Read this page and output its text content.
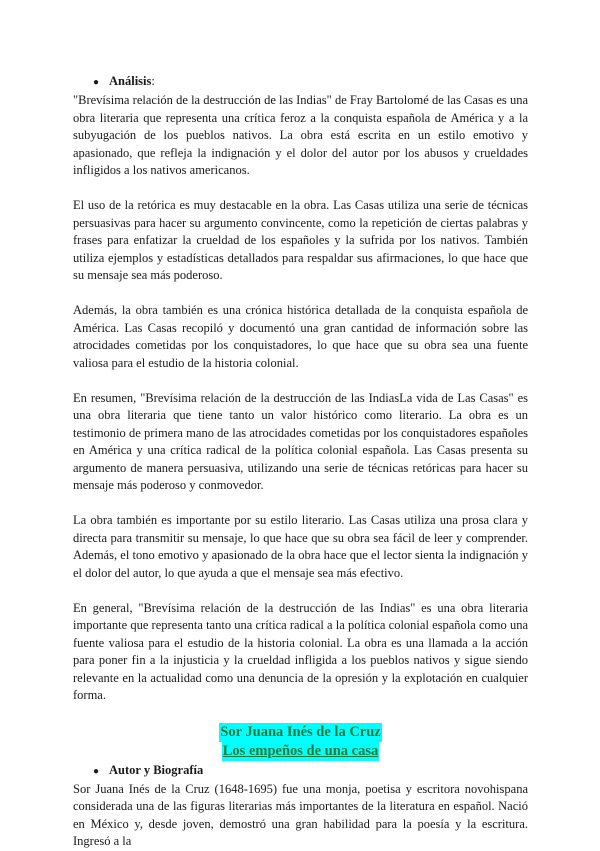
● Análisis:

"Brevísima relación de la destrucción de las Indias" de Fray Bartolomé de las Casas es una obra literaria que representa una crítica feroz a la conquista española de América y a la subyugación de los pueblos nativos. La obra está escrita en un estilo emotivo y apasionado, que refleja la indignación y el dolor del autor por los abusos y crueldades infligidos a los nativos americanos.

El uso de la retórica es muy destacable en la obra. Las Casas utiliza una serie de técnicas persuasivas para hacer su argumento convincente, como la repetición de ciertas palabras y frases para enfatizar la crueldad de los españoles y la sufrida por los nativos. También utiliza ejemplos y estadísticas detallados para respaldar sus afirmaciones, lo que hace que su mensaje sea más poderoso.

Además, la obra también es una crónica histórica detallada de la conquista española de América. Las Casas recopiló y documentó una gran cantidad de información sobre las atrocidades cometidas por los conquistadores, lo que hace que su obra sea una fuente valiosa para el estudio de la historia colonial.

En resumen, "Brevísima relación de la destrucción de las IndiasLa vida de Las Casas" es una obra literaria que tiene tanto un valor histórico como literario. La obra es un testimonio de primera mano de las atrocidades cometidas por los conquistadores españoles en América y una crítica radical de la política colonial española. Las Casas presenta su argumento de manera persuasiva, utilizando una serie de técnicas retóricas para hacer su mensaje más poderoso y conmovedor.

La obra también es importante por su estilo literario. Las Casas utiliza una prosa clara y directa para transmitir su mensaje, lo que hace que su obra sea fácil de leer y comprender. Además, el tono emotivo y apasionado de la obra hace que el lector sienta la indignación y el dolor del autor, lo que ayuda a que el mensaje sea más efectivo.

En general, "Brevísima relación de la destrucción de las Indias" es una obra literaria importante que representa tanto una crítica radical a la política colonial española como una fuente valiosa para el estudio de la historia colonial. La obra es una llamada a la acción para poner fin a la injusticia y la crueldad infligida a los pueblos nativos y sigue siendo relevante en la actualidad como una denuncia de la opresión y la explotación en cualquier forma.

Sor Juana Inés de la Cruz
Los empeños de una casa
● Autor y Biografía

Sor Juana Inés de la Cruz (1648-1695) fue una monja, poetisa y escritora novohispana considerada una de las figuras literarias más importantes de la literatura en español. Nació en México y, desde joven, demostró una gran habilidad para la poesía y la escritura. Ingresó a la
